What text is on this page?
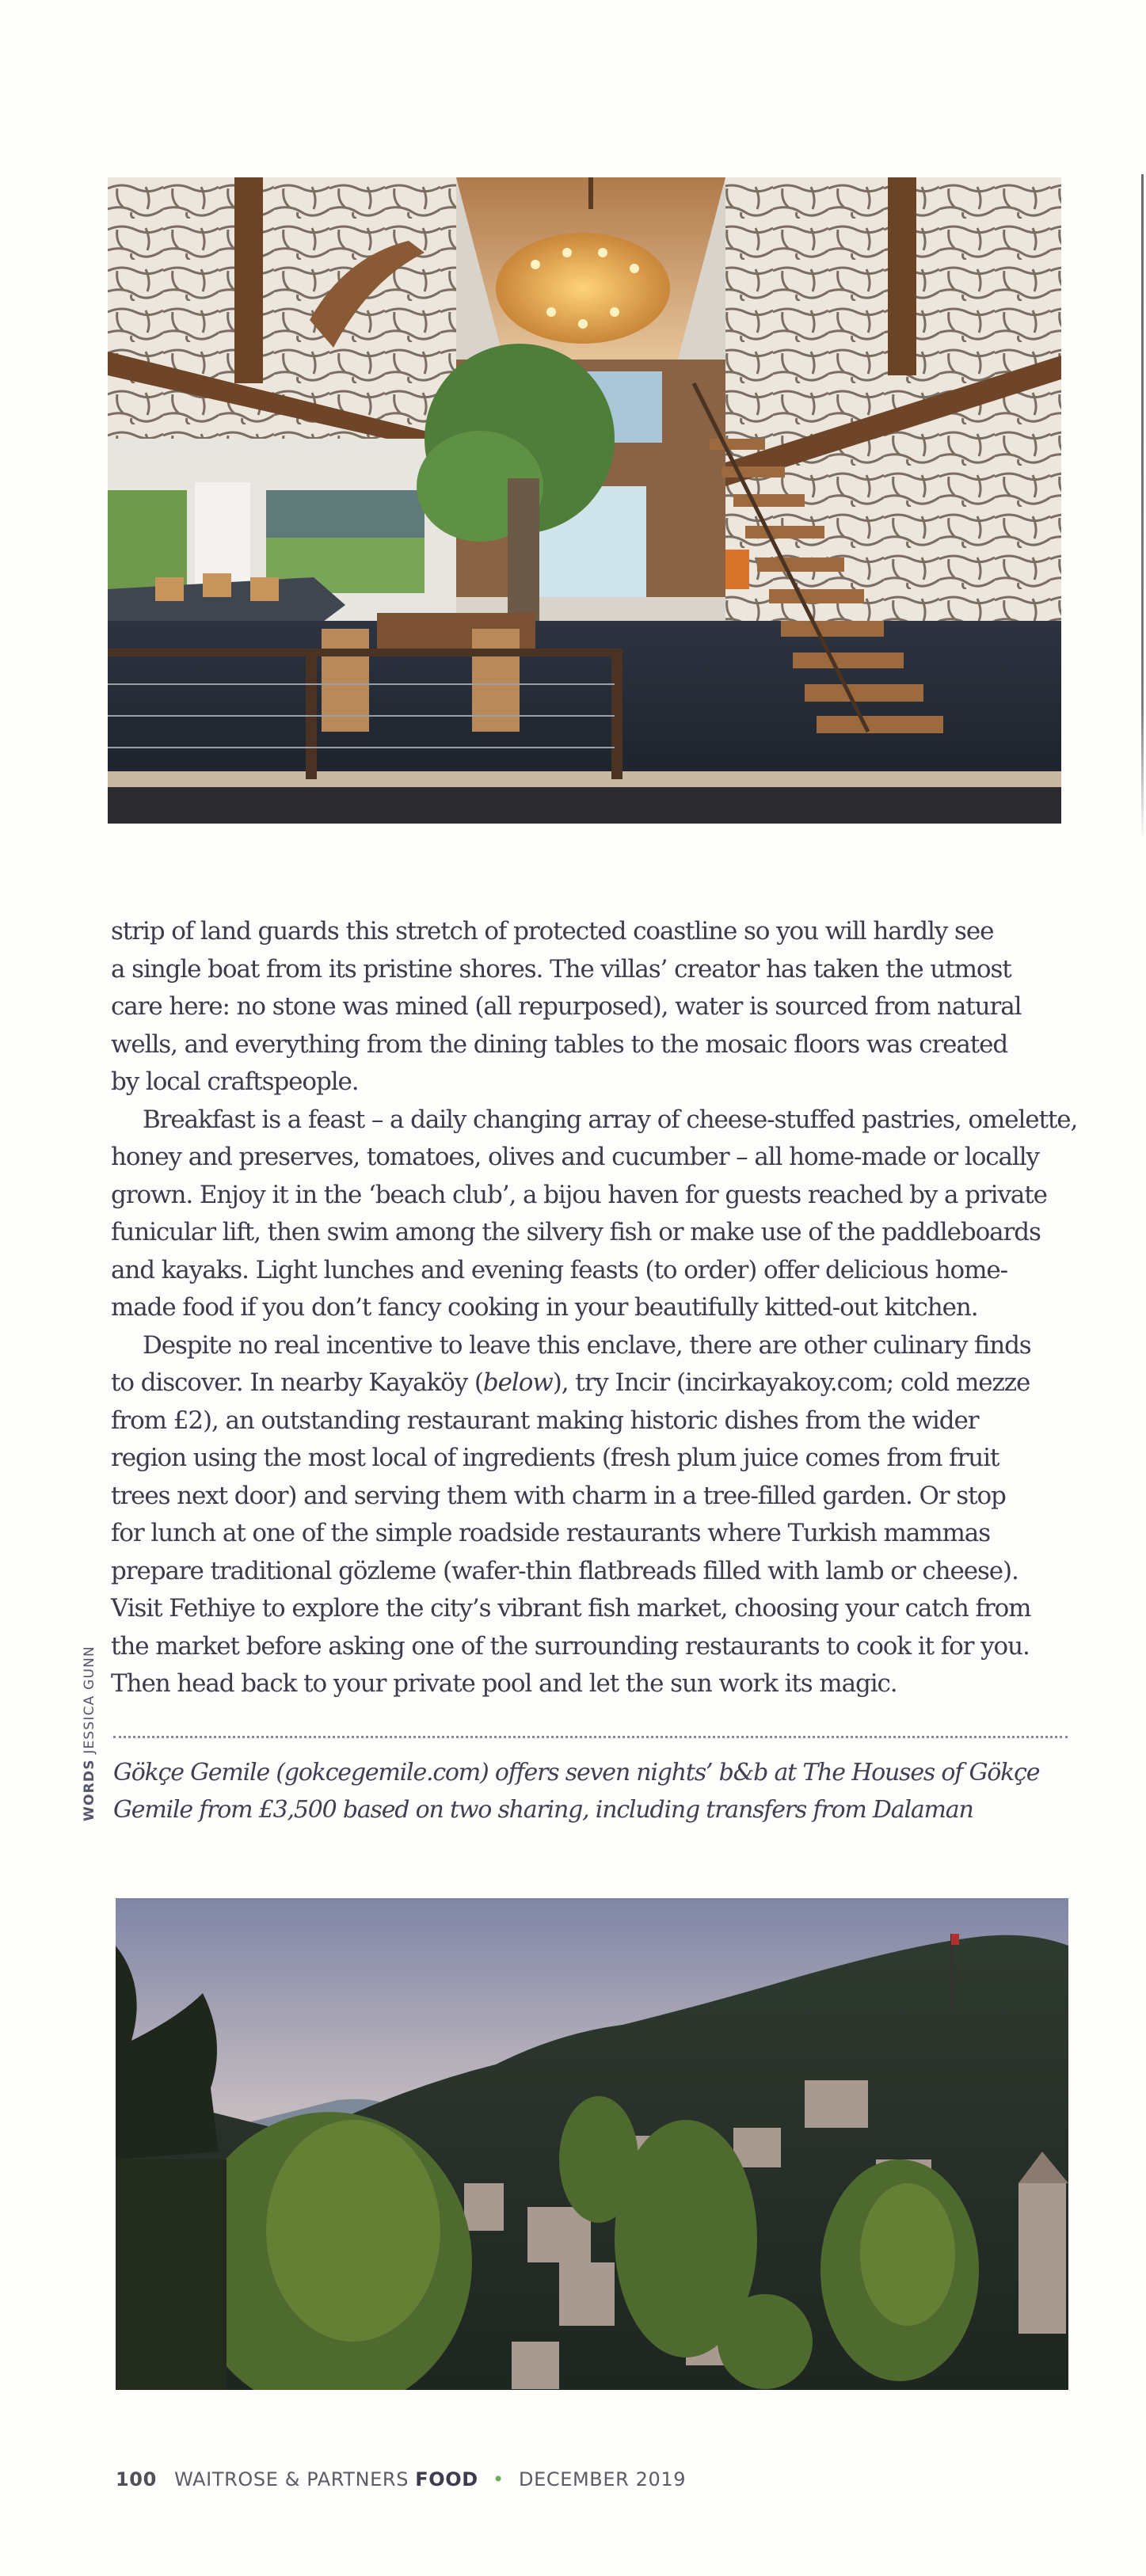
strip of land guards this stretch of protected coastline so you will hardly see
a single boat from its pristine shores. The villas’ creator has taken the utmost
care here: no stone was mined (all repurposed), water is sourced from natural
wells, and everything from the dining tables to the mosaic floors was created
by local craftspeople.

Breakfast is a feast – a daily changing array of cheese-stuffed pastries, omelette,
honey and preserves, tomatoes, olives and cucumber – all home-made or locally
grown. Enjoy it in the ‘beach club’, a bijou haven for guests reached by a private
funicular lift, then swim among the silvery fish or make use of the paddleboards
and kayaks. Light lunches and evening feasts (to order) offer delicious home-
made food if you don’t fancy cooking in your beautifully kitted-out kitchen.

Despite no real incentive to leave this enclave, there are other culinary finds
to discover. In nearby Kayaköy (below), try Incir (incirkayakoy.com; cold mezze
from £2), an outstanding restaurant making historic dishes from the wider
region using the most local of ingredients (fresh plum juice comes from fruit
trees next door) and serving them with charm in a tree-filled garden. Or stop
for lunch at one of the simple roadside restaurants where Turkish mammas
prepare traditional gözleme (wafer-thin flatbreads filled with lamb or cheese).
Visit Fethiye to explore the city’s vibrant fish market, choosing your catch from
the market before asking one of the surrounding restaurants to cook it for you.
Then head back to your private pool and let the sun work its magic.

WORDS JESSICA GUNN
Gökçe Gemile (gokcegemile.com) offers seven nights’ b&b at The Houses of Gökçe
Gemile from £3,500 based on two sharing, including transfers from Dalaman
100 WAITROSE & PARTNERS FOOD • DECEMBER 2019
